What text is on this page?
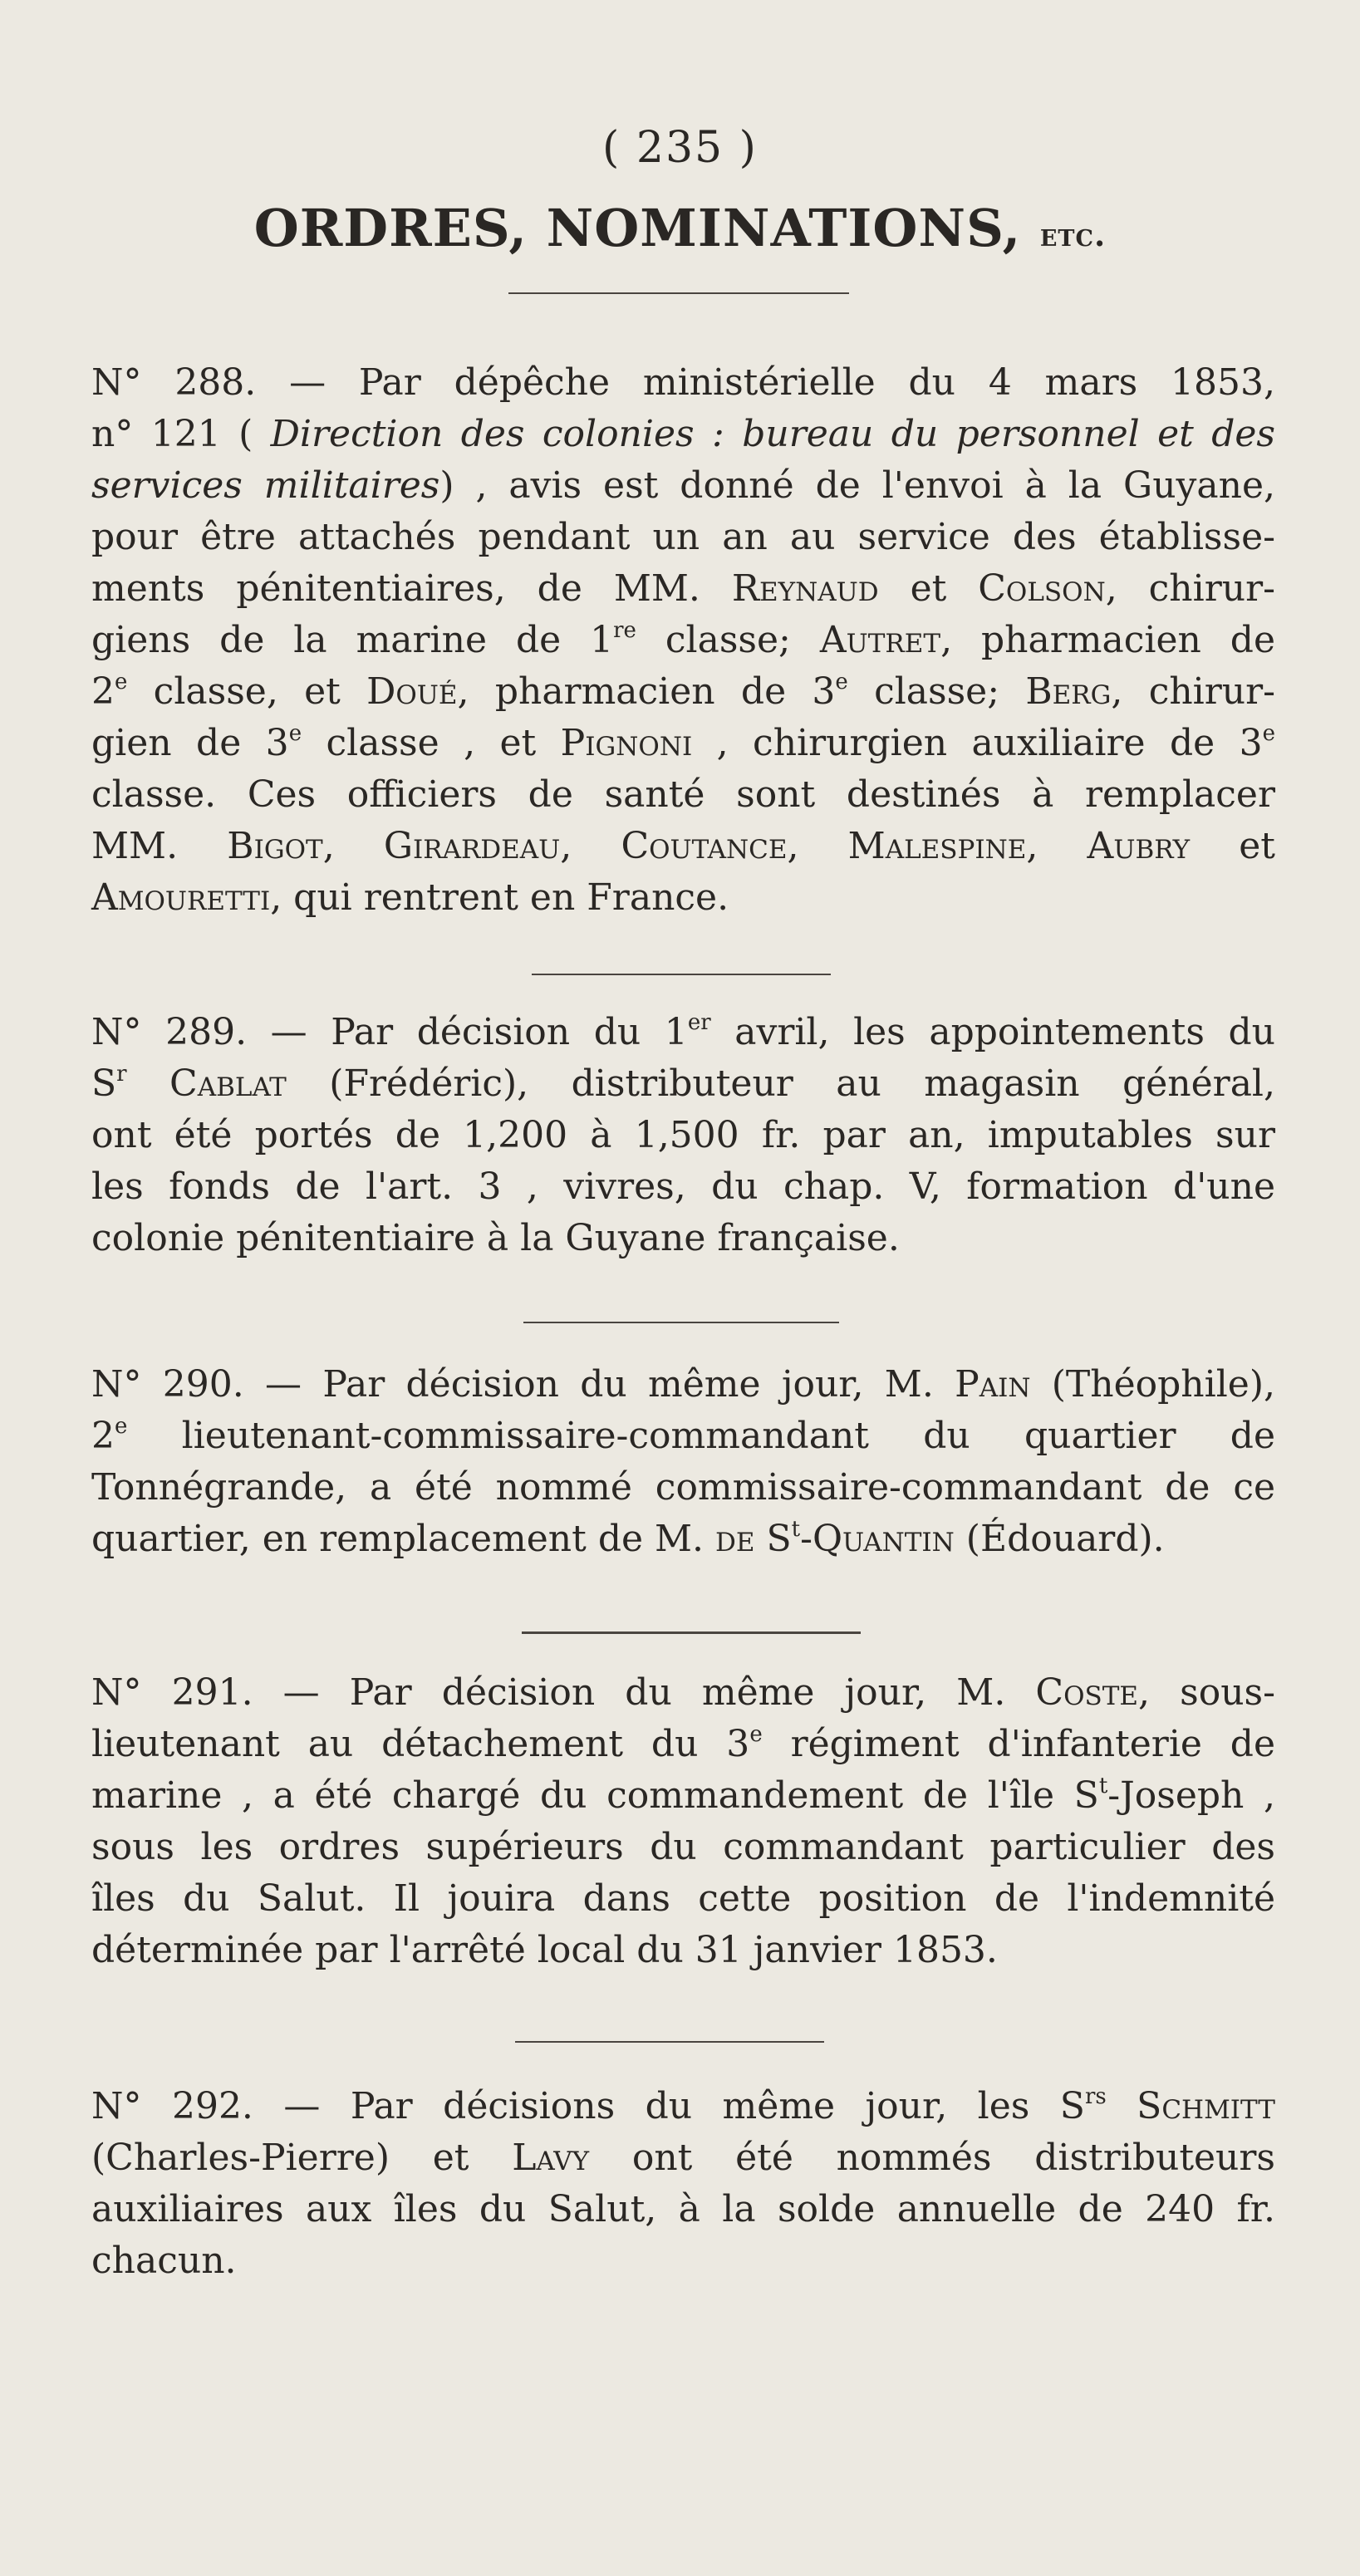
( 235 )
ORDRES, NOMINATIONS, etc.
N° 288. — Par dépêche ministérielle du 4 mars 1853,
n° 121 ( Direction des colonies : bureau du personnel et des
services militaires) , avis est donné de l'envoi à la Guyane,
pour être attachés pendant un an au service des établisse-
ments pénitentiaires, de MM. Reynaud et Colson, chirur-
giens de la marine de 1re classe; Autret, pharmacien de
2e classe, et Doué, pharmacien de 3e classe; Berg, chirur-
gien de 3e classe , et Pignoni , chirurgien auxiliaire de 3e
classe. Ces officiers de santé sont destinés à remplacer
MM. Bigot, Girardeau, Coutance, Malespine, Aubry et
Amouretti, qui rentrent en France.
N° 289. — Par décision du 1er avril, les appointements du
$S^r$ Cablat (Frédéric), distributeur au magasin général,
ont été portés de 1,200 à 1,500 fr. par an, imputables sur
les fonds de l'art. 3 , vivres, du chap. V, formation d'une
colonie pénitentiaire à la Guyane française.
N° 290. — Par décision du même jour, M. Pain (Théophile),
2e lieutenant-commissaire-commandant du quartier de
Tonnégrande, a été nommé commissaire-commandant de ce
quartier, en remplacement de M. de $S^t$-Quantin (Édouard).
N° 291. — Par décision du même jour, M. Coste, sous-
lieutenant au détachement du 3e régiment d'infanterie de
marine , a été chargé du commandement de l'île $S^t$-Joseph ,
sous les ordres supérieurs du commandant particulier des
îles du Salut. Il jouira dans cette position de l'indemnité
déterminée par l'arrêté local du 31 janvier 1853.
N° 292. — Par décisions du même jour, les $S^{rs}$ Schmitt
(Charles-Pierre) et Lavy ont été nommés distributeurs
auxiliaires aux îles du Salut, à la solde annuelle de 240 fr.
chacun.
